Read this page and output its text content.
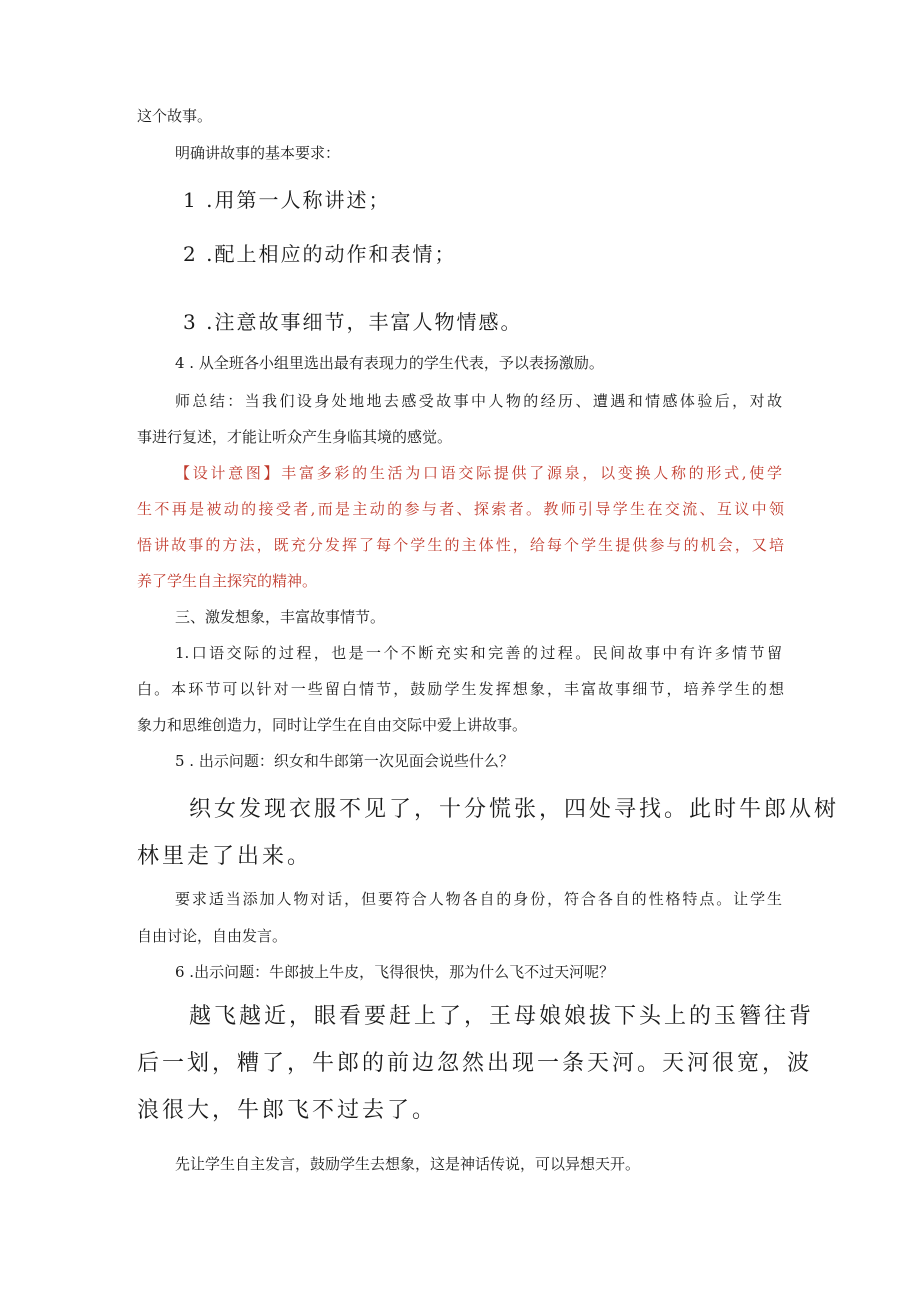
这个故事。
明确讲故事的基本要求：
1 .用第一人称讲述；
2 .配上相应的动作和表情；
3 .注意故事细节，丰富人物情感。
4 . 从全班各小组里选出最有表现力的学生代表，予以表扬激励。
师总结：当我们设身处地地去感受故事中人物的经历、遭遇和情感体验后，对故
事进行复述，才能让听众产生身临其境的感觉。
【设计意图】丰富多彩的生活为口语交际提供了源泉，以变换人称的形式,使学
生不再是被动的接受者,而是主动的参与者、探索者。教师引导学生在交流、互议中领
悟讲故事的方法，既充分发挥了每个学生的主体性，给每个学生提供参与的机会，又培
养了学生自主探究的精神。
三、激发想象，丰富故事情节。
1.口语交际的过程，也是一个不断充实和完善的过程。民间故事中有许多情节留
白。本环节可以针对一些留白情节，鼓励学生发挥想象，丰富故事细节，培养学生的想
象力和思维创造力，同时让学生在自由交际中爱上讲故事。
5 . 出示问题：织女和牛郎第一次见面会说些什么？
织女发现衣服不见了，十分慌张，四处寻找。此时牛郎从树
林里走了出来。
要求适当添加人物对话，但要符合人物各自的身份，符合各自的性格特点。让学生
自由讨论，自由发言。
6 .出示问题：牛郎披上牛皮，飞得很快，那为什么飞不过天河呢？
越飞越近，眼看要赶上了，王母娘娘拔下头上的玉簪往背
后一划，糟了，牛郎的前边忽然出现一条天河。天河很宽，波
浪很大，牛郎飞不过去了。
先让学生自主发言，鼓励学生去想象，这是神话传说，可以异想天开。
